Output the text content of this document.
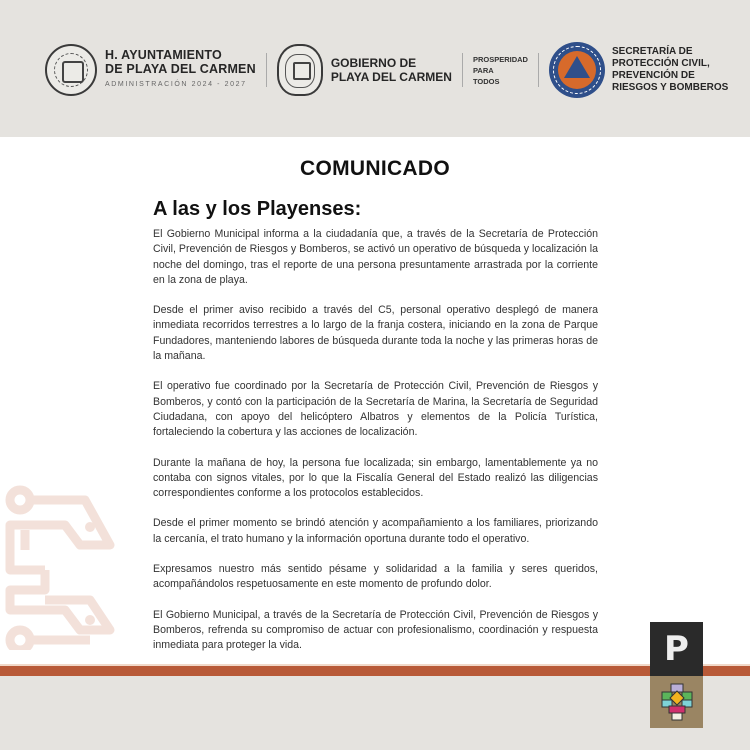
H. AYUNTAMIENTO
DE PLAYA DEL CARMEN
ADMINISTRACIÓN 2024 - 2027
GOBIERNO DE
PLAYA DEL CARMEN
PROSPERIDAD
PARA
TODOS
SECRETARÍA DE
PROTECCIÓN CIVIL,
PREVENCIÓN DE
RIESGOS Y BOMBEROS
COMUNICADO
A las y los Playenses:

El Gobierno Municipal informa a la ciudadanía que, a través de la Secretaría de Protección Civil, Prevención de Riesgos y Bomberos, se activó un operativo de búsqueda y localización la noche del domingo, tras el reporte de una persona presuntamente arrastrada por la corriente en la zona de playa.

Desde el primer aviso recibido a través del C5, personal operativo desplegó de manera inmediata recorridos terrestres a lo largo de la franja costera, iniciando en la zona de Parque Fundadores, manteniendo labores de búsqueda durante toda la noche y las primeras horas de la mañana.

El operativo fue coordinado por la Secretaría de Protección Civil, Prevención de Riesgos y Bomberos, y contó con la participación de la Secretaría de Marina, la Secretaría de Seguridad Ciudadana, con apoyo del helicóptero Albatros y elementos de la Policía Turística, fortaleciendo la cobertura y las acciones de localización.

Durante la mañana de hoy, la persona fue localizada; sin embargo, lamentablemente ya no contaba con signos vitales, por lo que la Fiscalía General del Estado realizó las diligencias correspondientes conforme a los protocolos establecidos.

Desde el primer momento se brindó atención y acompañamiento a los familiares, priorizando la cercanía, el trato humano y la información oportuna durante todo el operativo.

Expresamos nuestro más sentido pésame y solidaridad a la familia y seres queridos, acompañándolos respetuosamente en este momento de profundo dolor.

El Gobierno Municipal, a través de la Secretaría de Protección Civil, Prevención de Riesgos y Bomberos, refrenda su compromiso de actuar con profesionalismo, coordinación y respuesta inmediata para proteger la vida.	P
